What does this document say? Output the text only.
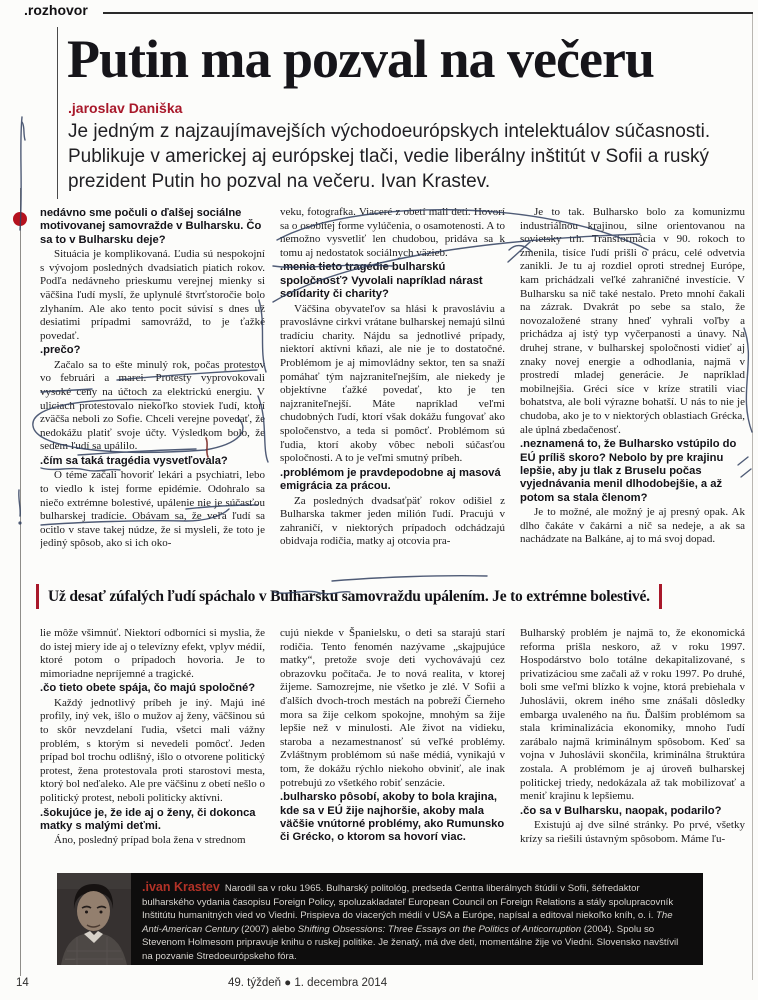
.rozhovor
Putin ma pozval na večeru
.jaroslav Daniška
Je jedným z najzaujímavejších východoeurópskych intelektuálov súčasnosti. Publikuje v americkej aj európskej tlači, vedie liberálny inštitút v Sofii a ruský prezident Putin ho pozval na večeru. Ivan Krastev.

nedávno sme počuli o ďalšej sociálne motivovanej samovražde v Bulharsku. Čo sa to v Bulharsku deje?

Situácia je komplikovaná. Ľudia sú nespokojní s vývojom posledných dvadsiatich piatich rokov. Podľa nedávneho prieskumu verejnej mienky si väčšina ľudí myslí, že uplynulé štvrťstoročie bolo zlyhaním. Ale ako tento pocit súvisí s dnes už desiatimi prípadmi samovrážd, to je ťažké povedať.

.prečo?

Začalo sa to ešte minulý rok, počas protestov vo februári a marci. Protesty vyprovokovali vysoké ceny na účtoch za elektrickú energiu. V uliciach protestovalo niekoľko stoviek ľudí, ktorí zväčša neboli zo Sofie. Chceli verejne povedať, že nedokážu platiť svoje účty. Výsledkom bolo, že sedem ľudí sa upálilo.

.čím sa taká tragédia vysvetľovala?

O téme začali hovoriť lekári a psychiatri, lebo to viedlo k istej forme epidémie. Odohralo sa niečo extrémne bolestivé, upálenie nie je súčasťou bulharskej tradície. Obávam sa, že veľa ľudí sa ocitlo v stave takej núdze, že si mysleli, že toto je jediný spôsob, ako si ich oko-

veku, fotografka. Viaceré z obetí mali deti. Hovorí sa o osobitej forme vylúčenia, o osamotenosti. A to nemožno vysvetliť len chudobou, pridáva sa k tomu aj nedostatok sociálnych väzieb.

.menia tieto tragédie bulharskú spoločnosť? Vyvolali napríklad nárast solidarity či charity?

Väčšina obyvateľov sa hlási k pravosláviu a pravoslávne cirkvi vrátane bulharskej nemajú silnú tradíciu charity. Nájdu sa jednotlivé prípady, niektorí aktívni kňazi, ale nie je to dostatočné. Problémom je aj mimovládny sektor, ten sa snaží pomáhať tým najzraniteľnejším, ale niekedy je objektívne ťažké povedať, kto je ten najzraniteľnejší. Máte napríklad veľmi chudobných ľudí, ktorí však dokážu fungovať ako spoločenstvo, a teda si pomôcť. Problémom sú ľudia, ktorí akoby vôbec neboli súčasťou spoločnosti. A to je veľmi smutný príbeh.

.problémom je pravdepodobne aj masová emigrácia za prácou.

Za posledných dvadsaťpäť rokov odišiel z Bulharska takmer jeden milión ľudí. Pracujú v zahraničí, v niektorých prípadoch odchádzajú obidvaja rodičia, matky aj otcovia pra-

Je to tak. Bulharsko bolo za komunizmu industriálnou krajinou, silne orientovanou na sovietsky trh. Transformácia v 90. rokoch to zmenila, tisíce ľudí prišli o prácu, celé odvetvia zanikli. Je tu aj rozdiel oproti strednej Európe, kam prichádzali veľké zahraničné investície. V Bulharsku sa nič také nestalo. Preto mnohí čakali na zázrak. Dvakrát po sebe sa stalo, že novozaložené strany hneď vyhrali voľby a prichádza aj istý typ vyčerpanosti a únavy. Na druhej strane, v bulharskej spoločnosti vidieť aj znaky novej energie a odhodlania, najmä v prostredí mladej generácie. Je napríklad mobilnejšia. Gréci síce v kríze stratili viac bohatstva, ale boli výrazne bohatší. U nás to nie je chudoba, ako je to v niektorých oblastiach Grécka, ale úplná zbedačenosť.

.neznamená to, že Bulharsko vstúpilo do EÚ príliš skoro? Nebolo by pre krajinu lepšie, aby ju tlak z Bruselu počas vyjednávania menil dlhodobejšie, a až potom sa stala členom?

Je to možné, ale možný je aj presný opak. Ak dlho čakáte v čakárni a nič sa nedeje, a ak sa nachádzate na Balkáne, aj to má svoj dopad.

Už desať zúfalých ľudí spáchalo v Bulharsku samovraždu upálením. Je to extrémne bolestivé.

lie môže všimnúť. Niektorí odborníci si myslia, že do istej miery ide aj o televízny efekt, vplyv médií, ktoré potom o prípadoch hovoria. Je to mimoriadne nepríjemné a tragické.

.čo tieto obete spája, čo majú spoločné?

Každý jednotlivý príbeh je iný. Majú iné profily, iný vek, išlo o mužov aj ženy, väčšinou sú to skôr nevzdelaní ľudia, všetci mali vážny problém, s ktorým si nevedeli pomôcť. Jeden prípad bol trochu odlišný, išlo o otvorene politický protest, žena protestovala proti starostovi mesta, ktorý bol neďaleko. Ale pre väčšinu z obetí nešlo o politický protest, neboli politicky aktívni.

.šokujúce je, že ide aj o ženy, či dokonca matky s malými deťmi.

Áno, posledný prípad bola žena v strednom

cujú niekde v Španielsku, o deti sa starajú starí rodičia. Tento fenomén nazývame „skajpujúce matky“, pretože svoje deti vychovávajú cez obrazovku počítača. Je to nová realita, v ktorej žijeme. Samozrejme, nie všetko je zlé. V Sofii a ďalších dvoch-troch mestách na pobreží Čierneho mora sa žije celkom spokojne, mnohým sa žije lepšie než v minulosti. Ale život na vidieku, staroba a nezamestnanosť sú veľké problémy. Zvláštnym problémom sú naše médiá, vynikajú v tom, že dokážu rýchlo niekoho obviniť, ale inak potrebujú zo všetkého robiť senzácie.

.bulharsko pôsobí, akoby to bola krajina, kde sa v EÚ žije najhoršie, akoby mala väčšie vnútorné problémy, ako Rumunsko či Grécko, o ktorom sa hovorí viac.

Bulharský problém je najmä to, že ekonomická reforma prišla neskoro, až v roku 1997. Hospodárstvo bolo totálne dekapitalizované, s privatizáciou sme začali až v roku 1997. Po druhé, boli sme veľmi blízko k vojne, ktorá prebiehala v Juhoslávii, okrem iného sme znášali dôsledky embarga uvaleného na ňu. Ďalším problémom sa stala kriminalizácia ekonomiky, mnoho ľudí zarábalo najmä kriminálnym spôsobom. Keď sa vojna v Juhoslávii skončila, kriminálna štruktúra zostala. A problémom je aj úroveň bulharskej politickej triedy, nedokázala až tak mobilizovať a meniť krajinu k lepšiemu.

.čo sa v Bulharsku, naopak, podarilo?

Existujú aj dve silné stránky. Po prvé, všetky krízy sa riešili ústavným spôsobom. Máme ľu-

·····
.ivan Krastev Narodil sa v roku 1965. Bulharský politológ, predseda Centra liberálnych štúdií v Sofii, šéfredaktor bulharského vydania časopisu Foreign Policy, spoluzakladateľ European Council on Foreign Relations a stály spolupracovník Inštitútu humanitných vied vo Viedni. Prispieva do viacerých médií v USA a Európe, napísal a editoval niekoľko kníh, o. i. The Anti-American Century (2007) alebo Shifting Obsessions: Three Essays on the Politics of Anticorruption (2004). Spolu so Stevenom Holmesom pripravuje knihu o ruskej politike. Je ženatý, má dve deti, momentálne žije vo Viedni. Slovensko navštívil na pozvanie Stredoeurópskeho fóra.
14	49. týždeň ● 1. decembra 2014
